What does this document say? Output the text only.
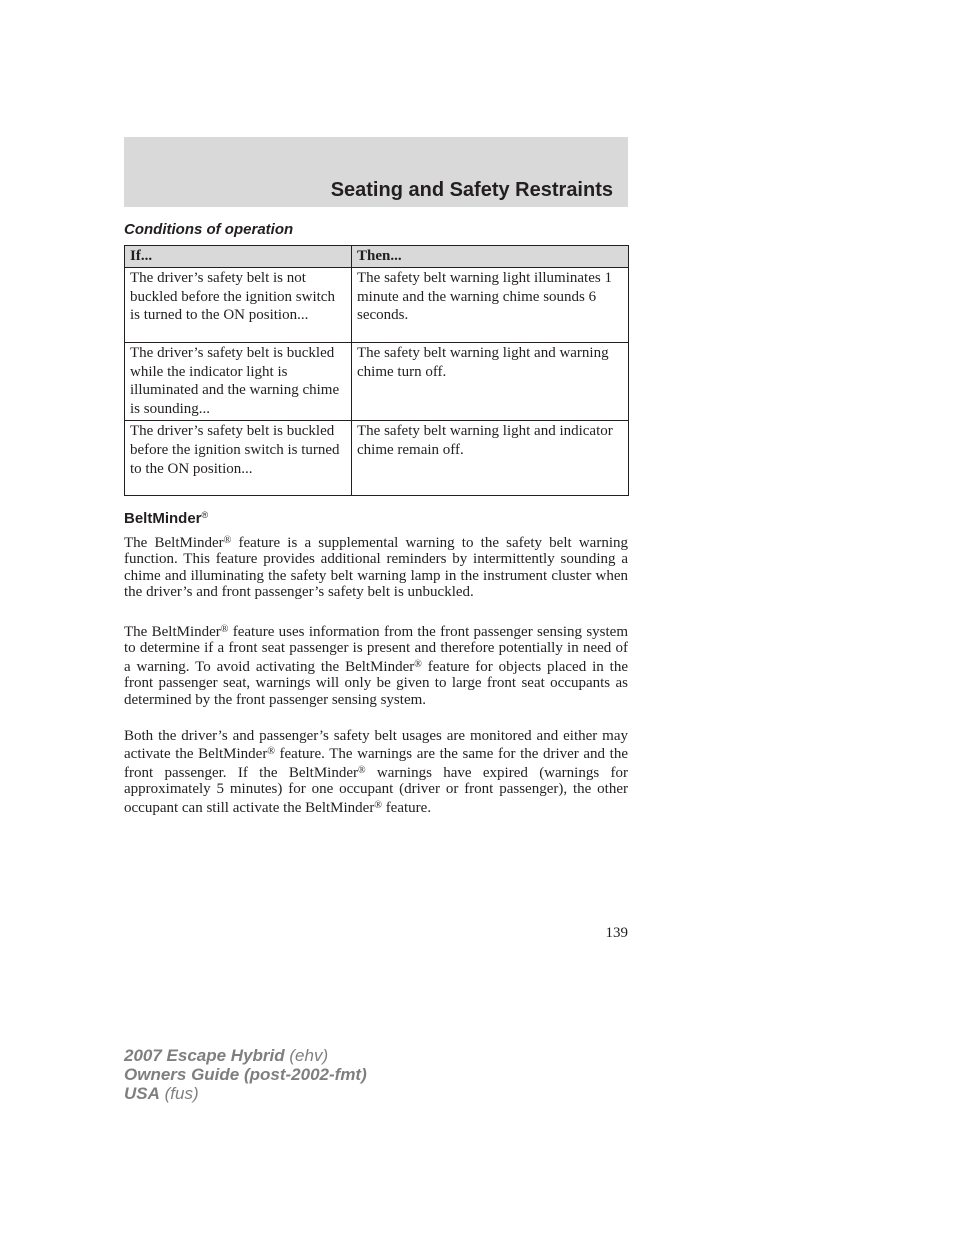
Seating and Safety Restraints
Conditions of operation
If...	Then...
The driver’s safety belt is not buckled before the ignition switch is turned to the ON position...	The safety belt warning light illuminates 1 minute and the warning chime sounds 6 seconds.
The driver’s safety belt is buckled while the indicator light is illuminated and the warning chime is sounding...	The safety belt warning light and warning chime turn off.
The driver’s safety belt is buckled before the ignition switch is turned to the ON position...	The safety belt warning light and indicator chime remain off.
BeltMinder®

The BeltMinder® feature is a supplemental warning to the safety belt warning function. This feature provides additional reminders by intermittently sounding a chime and illuminating the safety belt warning lamp in the instrument cluster when the driver’s and front passenger’s safety belt is unbuckled.

The BeltMinder® feature uses information from the front passenger sensing system to determine if a front seat passenger is present and therefore potentially in need of a warning. To avoid activating the BeltMinder® feature for objects placed in the front passenger seat, warnings will only be given to large front seat occupants as determined by the front passenger sensing system.

Both the driver’s and passenger’s safety belt usages are monitored and either may activate the BeltMinder® feature. The warnings are the same for the driver and the front passenger. If the BeltMinder® warnings have expired (warnings for approximately 5 minutes) for one occupant (driver or front passenger), the other occupant can still activate the BeltMinder® feature.

139
2007 Escape Hybrid (ehv)
Owners Guide (post-2002-fmt)
USA (fus)
